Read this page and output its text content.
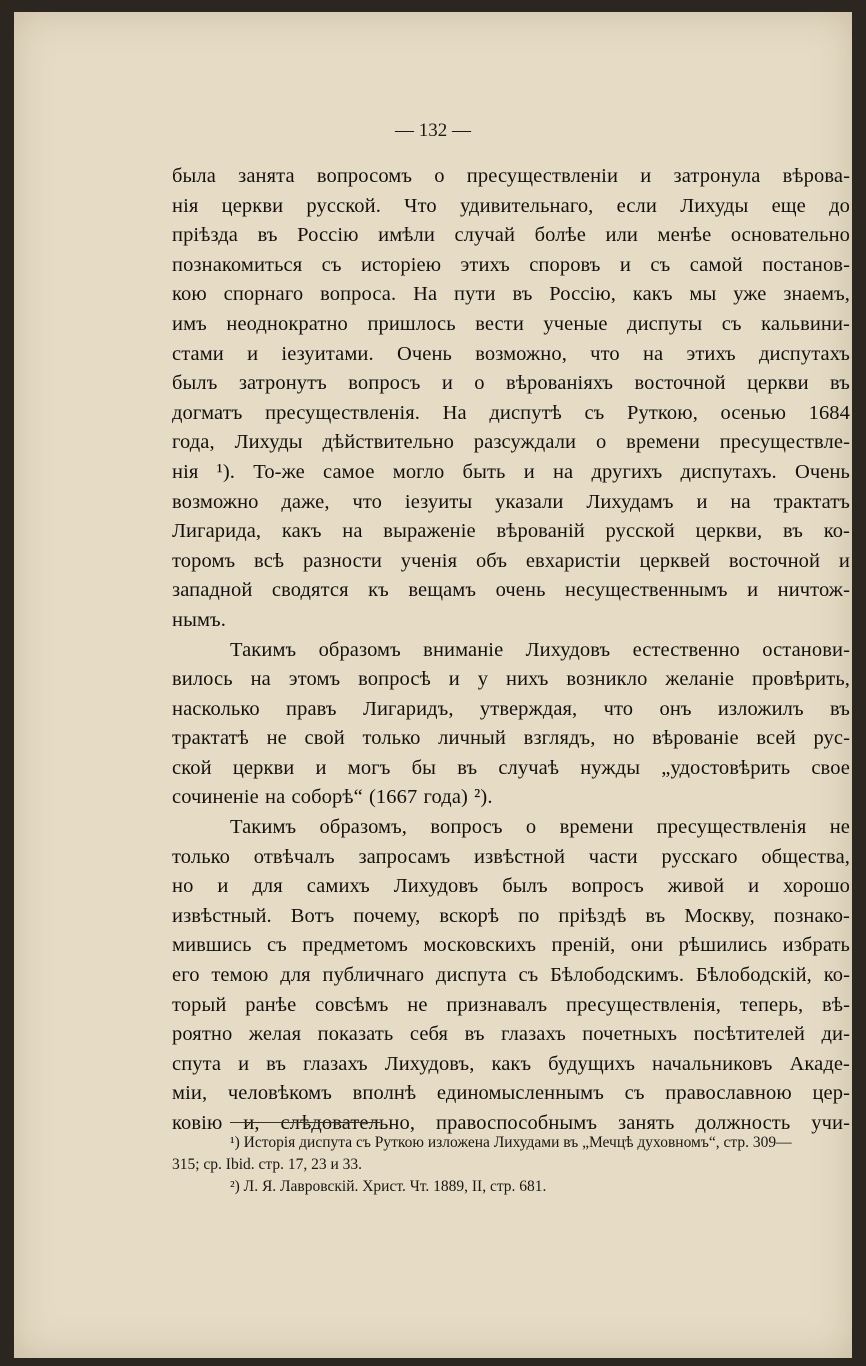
— 132 —
была занята вопросомъ о пресуществленіи и затронула вѣрова-
нія церкви русской. Что удивительнаго, если Лихуды еще до
пріѣзда въ Россію имѣли случай болѣе или менѣе основательно
познакомиться съ исторіею этихъ споровъ и съ самой постанов-
кою спорнаго вопроса. На пути въ Россію, какъ мы уже знаемъ,
имъ неоднократно пришлось вести ученые диспуты съ кальвини-
стами и іезуитами. Очень возможно, что на этихъ диспутахъ
былъ затронутъ вопросъ и о вѣрованіяхъ восточной церкви въ
догматъ пресуществленія. На диспутѣ съ Руткою, осенью 1684
года, Лихуды дѣйствительно разсуждали о времени пресуществле-
нія ¹). То-же самое могло быть и на другихъ диспутахъ. Очень
возможно даже, что іезуиты указали Лихудамъ и на трактатъ
Лигарида, какъ на выраженіе вѣрованій русской церкви, въ ко-
торомъ всѣ разности ученія объ евхаристіи церквей восточной и
западной сводятся къ вещамъ очень несущественнымъ и ничтож-
нымъ.
Такимъ образомъ вниманіе Лихудовъ естественно останови-
вилось на этомъ вопросѣ и у нихъ возникло желаніе провѣрить,
насколько правъ Лигаридъ, утверждая, что онъ изложилъ въ
трактатѣ не свой только личный взглядъ, но вѣрованіе всей рус-
ской церкви и могъ бы въ случаѣ нужды „удостовѣрить свое
сочиненіе на соборѣ“ (1667 года) ²).
Такимъ образомъ, вопросъ о времени пресуществленія не
только отвѣчалъ запросамъ извѣстной части русскаго общества,
но и для самихъ Лихудовъ былъ вопросъ живой и хорошо
извѣстный. Вотъ почему, вскорѣ по пріѣздѣ въ Москву, познако-
мившись съ предметомъ московскихъ преній, они рѣшились избрать
его темою для публичнаго диспута съ Бѣлободскимъ. Бѣлободскій, ко-
торый ранѣе совсѣмъ не признавалъ пресуществленія, теперь, вѣ-
роятно желая показать себя въ глазахъ почетныхъ посѣтителей ди-
спута и въ глазахъ Лихудовъ, какъ будущихъ начальниковъ Акаде-
міи, человѣкомъ вполнѣ единомысленнымъ съ православною цер-
ковію и, слѣдовательно, правоспособнымъ занять должность учи-
¹) Исторія диспута съ Руткою изложена Лихудами въ „Мечцѣ духовномъ“, стр. 309—
315; ср. Ibid. стр. 17, 23 и 33.
²) Л. Я. Лавровскій. Христ. Чт. 1889, II, стр. 681.
